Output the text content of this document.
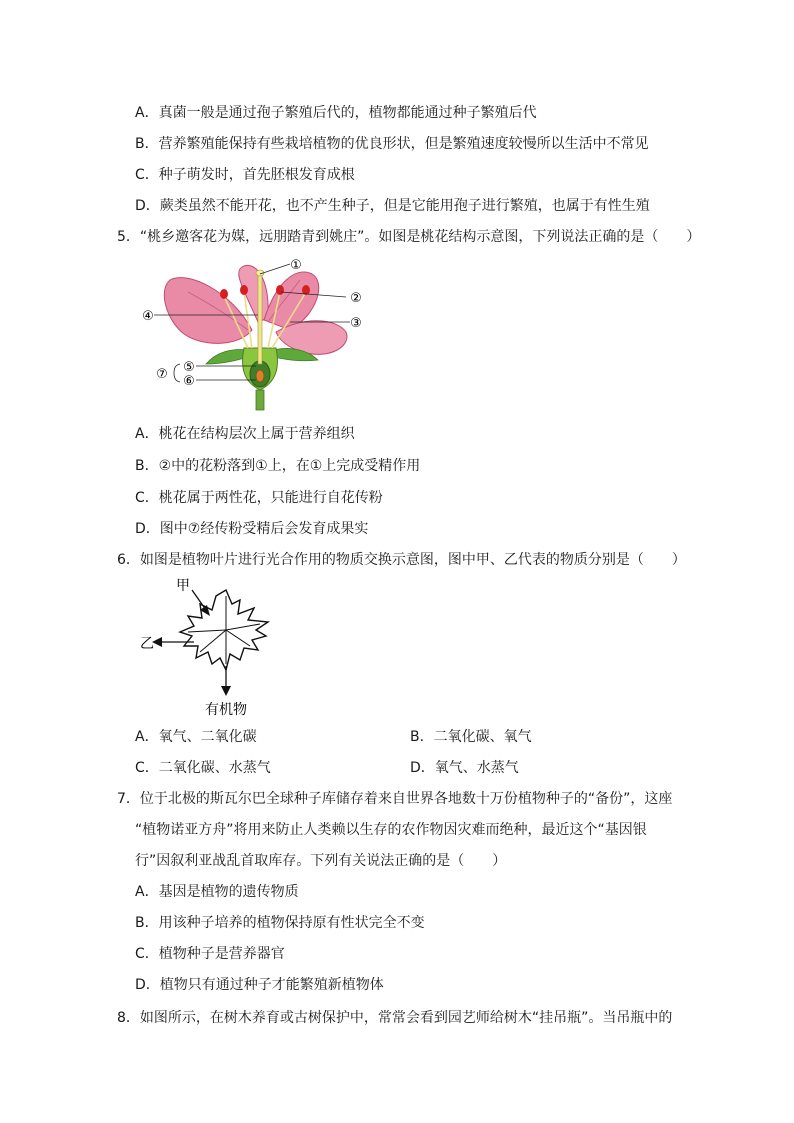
A．真菌一般是通过孢子繁殖后代的，植物都能通过种子繁殖后代
B．营养繁殖能保持有些栽培植物的优良形状，但是繁殖速度较慢所以生活中不常见
C．种子萌发时，首先胚根发育成根
D．蕨类虽然不能开花，也不产生种子，但是它能用孢子进行繁殖，也属于有性生殖
5．“桃乡邀客花为媒，远朋踏青到姚庄”。如图是桃花结构示意图，下列说法正确的是（　　）
①
②
③
④
⑤
⑥
⑦
A．桃花在结构层次上属于营养组织
B．②中的花粉落到①上，在①上完成受精作用
C．桃花属于两性花，只能进行自花传粉
D．图中⑦经传粉受精后会发育成果实
6．如图是植物叶片进行光合作用的物质交换示意图，图中甲、乙代表的物质分别是（　　）
甲
乙
有机物
A．氧气、二氧化碳	B．二氧化碳、氧气
C．二氧化碳、水蒸气	D．氧气、水蒸气
7．位于北极的斯瓦尔巴全球种子库储存着来自世界各地数十万份植物种子的“备份”，这座
“植物诺亚方舟”将用来防止人类赖以生存的农作物因灾难而绝种，最近这个“基因银
行”因叙利亚战乱首取库存。下列有关说法正确的是（　　）
A．基因是植物的遗传物质
B．用该种子培养的植物保持原有性状完全不变
C．植物种子是营养器官
D．植物只有通过种子才能繁殖新植物体
8．如图所示，在树木养育或古树保护中，常常会看到园艺师给树木“挂吊瓶”。当吊瓶中的
